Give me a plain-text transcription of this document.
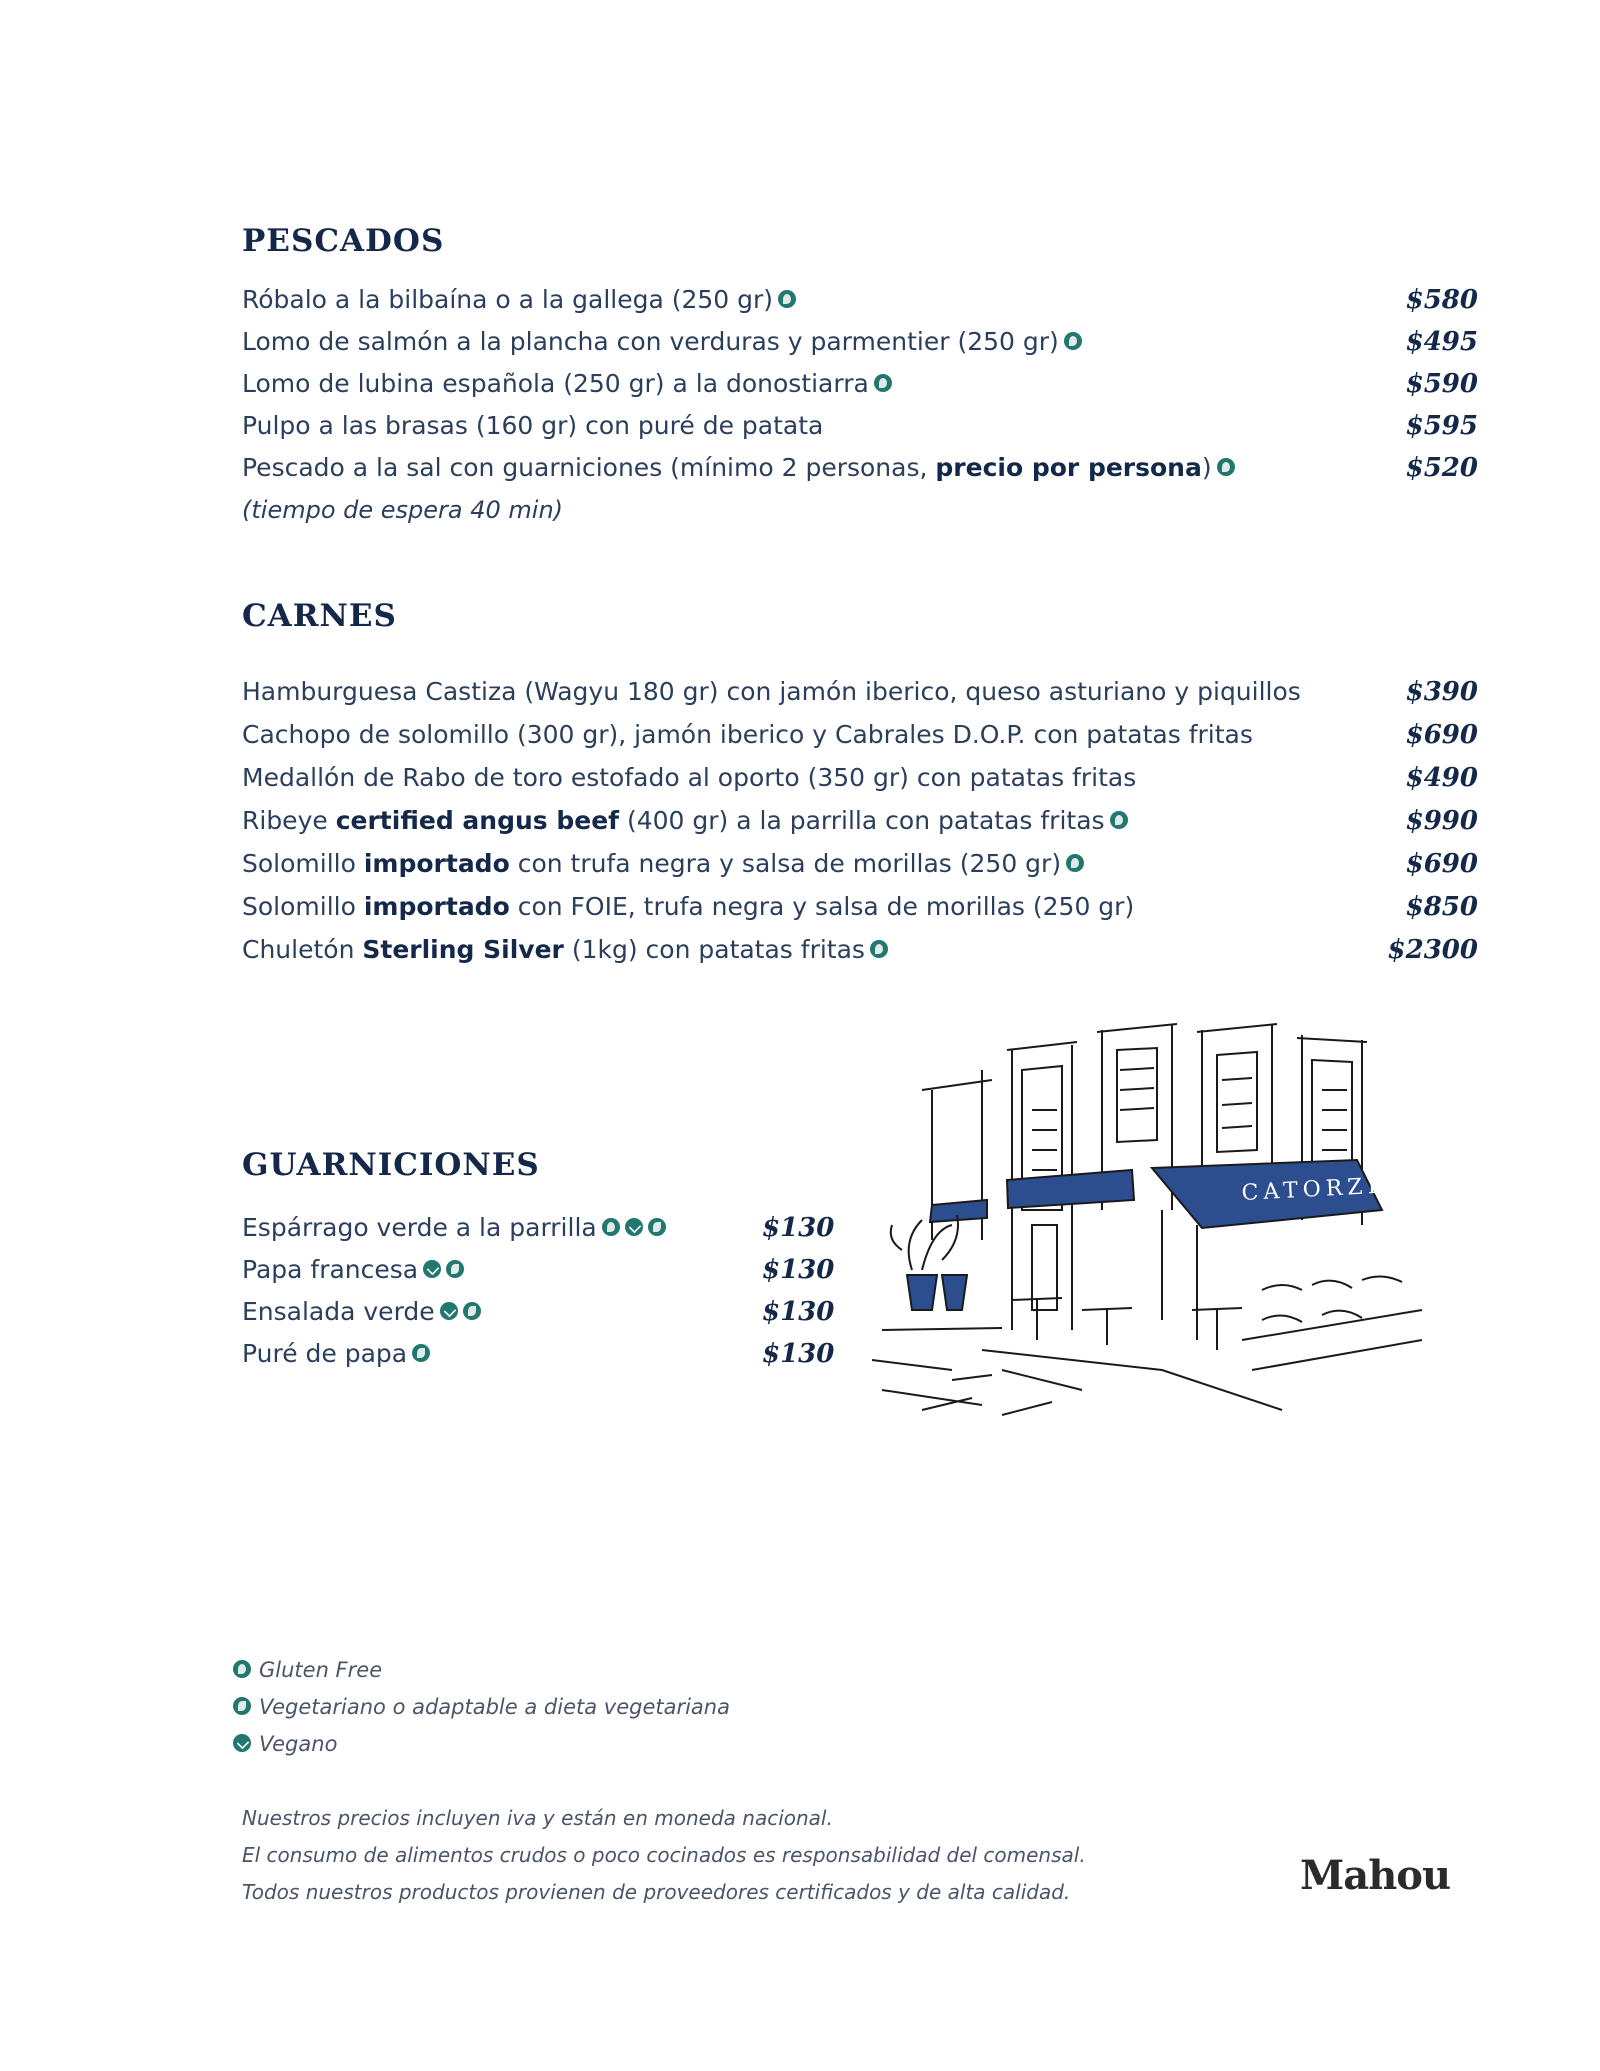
PESCADOS
Róbalo a la bilbaína o a la gallega (250 gr)	$580
Lomo de salmón a la plancha con verduras y parmentier (250 gr)	$495
Lomo de lubina española (250 gr) a la donostiarra	$590
Pulpo a las brasas (160 gr) con puré de patata	$595
Pescado a la sal con guarniciones (mínimo 2 personas, precio por persona)	$520
(tiempo de espera 40 min)
CARNES
Hamburguesa Castiza (Wagyu 180 gr) con jamón iberico, queso asturiano y piquillos	$390
Cachopo de solomillo (300 gr), jamón iberico y Cabrales D.O.P. con patatas fritas	$690
Medallón de Rabo de toro estofado al oporto (350 gr) con patatas fritas	$490
Ribeye certified angus beef (400 gr) a la parrilla con patatas fritas	$990
Solomillo importado con trufa negra y salsa de morillas (250 gr)	$690
Solomillo importado con FOIE, trufa negra y salsa de morillas (250 gr)	$850
Chuletón Sterling Silver (1kg) con patatas fritas	$2300
GUARNICIONES
Espárrago verde a la parrilla	$130
Papa francesa	$130
Ensalada verde	$130
Puré de papa	$130
CATORZE
Gluten Free
Vegetariano o adaptable a dieta vegetariana
Vegano
Nuestros precios incluyen iva y están en moneda nacional.
El consumo de alimentos crudos o poco cocinados es responsabilidad del comensal.
Todos nuestros productos provienen de proveedores certificados y de alta calidad.	Mahou
